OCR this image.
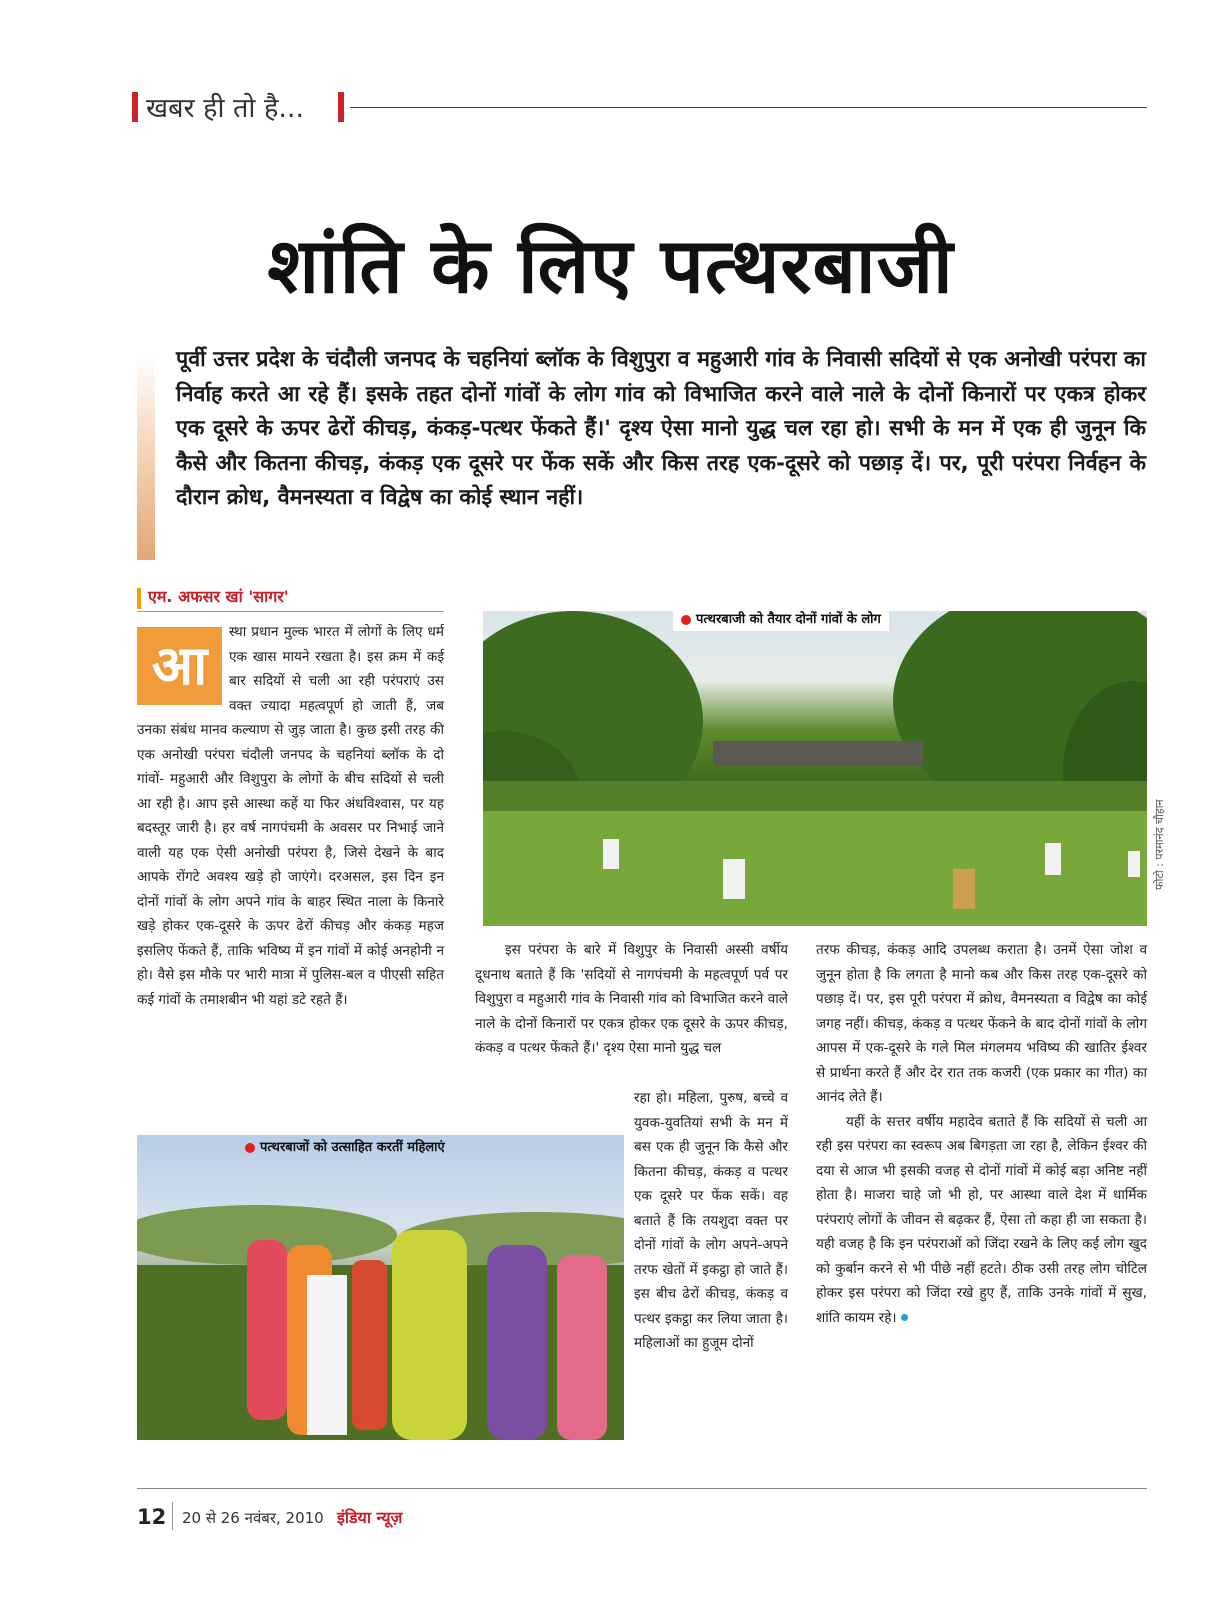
खबर ही तो है...
शांति के लिए पत्थरबाजी
पूर्वी उत्तर प्रदेश के चंदौली जनपद के चहनियां ब्लॉक के विशुपुरा व महुआरी गांव के निवासी सदियों से एक अनोखी परंपरा का निर्वाह करते आ रहे हैं। इसके तहत दोनों गांवों के लोग गांव को विभाजित करने वाले नाले के दोनों किनारों पर एकत्र होकर एक दूसरे के ऊपर ढेरों कीचड़, कंकड़-पत्थर फेंकते हैं।' दृश्य ऐसा मानो युद्ध चल रहा हो। सभी के मन में एक ही जुनून कि कैसे और कितना कीचड़, कंकड़ एक दूसरे पर फेंक सकें और किस तरह एक-दूसरे को पछाड़ दें। पर, पूरी परंपरा निर्वहन के दौरान क्रोध, वैमनस्यता व विद्वेष का कोई स्थान नहीं।
एम. अफसर खां 'सागर'
आ

स्था प्रधान मुल्क भारत में लोगों के लिए धर्म एक खास मायने रखता है। इस क्रम में कई बार सदियों से चली आ रही परंपराएं उस वक्त ज्यादा महत्वपूर्ण हो जाती हैं, जब उनका संबंध मानव कल्याण से जुड़ जाता है। कुछ इसी तरह की एक अनोखी परंपरा चंदौली जनपद के चहनियां ब्लॉक के दो गांवों- महुआरी और विशुपुरा के लोगों के बीच सदियों से चली आ रही है। आप इसे आस्था कहें या फिर अंधविश्वास, पर यह बदस्तूर जारी है। हर वर्ष नागपंचमी के अवसर पर निभाई जाने वाली यह एक ऐसी अनोखी परंपरा है, जिसे देखने के बाद आपके रोंगटे अवश्य खड़े हो जाएंगे। दरअसल, इस दिन इन दोनों गांवों के लोग अपने गांव के बाहर स्थित नाला के किनारे खड़े होकर एक-दूसरे के ऊपर ढेरों कीचड़ और कंकड़ महज इसलिए फेंकते हैं, ताकि भविष्य में इन गांवों में कोई अनहोनी न हो। वैसे इस मौके पर भारी मात्रा में पुलिस-बल व पीएसी सहित कई गांवों के तमाशबीन भी यहां डटे रहते हैं।

पत्थरबाजी को तैयार दोनों गांवों के लोग
फोटो : परमानंद चौहान

इस परंपरा के बारे में विशुपुर के निवासी अस्सी वर्षीय दूधनाथ बताते हैं कि 'सदियों से नागपंचमी के महत्वपूर्ण पर्व पर विशुपुरा व महुआरी गांव के निवासी गांव को विभाजित करने वाले नाले के दोनों किनारों पर एकत्र होकर एक दूसरे के ऊपर कीचड़, कंकड़ व पत्थर फेंकते हैं।' दृश्य ऐसा मानो युद्ध चल

रहा हो। महिला, पुरुष, बच्चे व युवक-युवतियां सभी के मन में बस एक ही जुनून कि कैसे और कितना कीचड़, कंकड़ व पत्थर एक दूसरे पर फेंक सकें। वह बताते हैं कि तयशुदा वक्त पर दोनों गांवों के लोग अपने-अपने तरफ खेतों में इकट्ठा हो जाते हैं। इस बीच ढेरों कीचड़, कंकड़ व पत्थर इकट्ठा कर लिया जाता है। महिलाओं का हुजूम दोनों

तरफ कीचड़, कंकड़ आदि उपलब्ध कराता है। उनमें ऐसा जोश व जुनून होता है कि लगता है मानो कब और किस तरह एक-दूसरे को पछाड़ दें। पर, इस पूरी परंपरा में क्रोध, वैमनस्यता व विद्वेष का कोई जगह नहीं। कीचड़, कंकड़ व पत्थर फेंकने के बाद दोनों गांवों के लोग आपस में एक-दूसरे के गले मिल मंगलमय भविष्य की खातिर ईश्वर से प्रार्थना करते हैं और देर रात तक कजरी (एक प्रकार का गीत) का आनंद लेते हैं।

यहीं के सत्तर वर्षीय महादेव बताते हैं कि सदियों से चली आ रही इस परंपरा का स्वरूप अब बिगड़ता जा रहा है, लेकिन ईश्वर की दया से आज भी इसकी वजह से दोनों गांवों में कोई बड़ा अनिष्ट नहीं होता है। माजरा चाहे जो भी हो, पर आस्था वाले देश में धार्मिक परंपराएं लोगों के जीवन से बढ़कर हैं, ऐसा तो कहा ही जा सकता है। यही वजह है कि इन परंपराओं को जिंदा रखने के लिए कई लोग खुद को कुर्बान करने से भी पीछे नहीं हटते। ठीक उसी तरह लोग चोटिल होकर इस परंपरा को जिंदा रखे हुए हैं, ताकि उनके गांवों में सुख, शांति कायम रहे।

पत्थरबाजों को उत्साहित करतीं महिलाएं
12 20 से 26 नवंबर, 2010 इंडिया न्यूज़
